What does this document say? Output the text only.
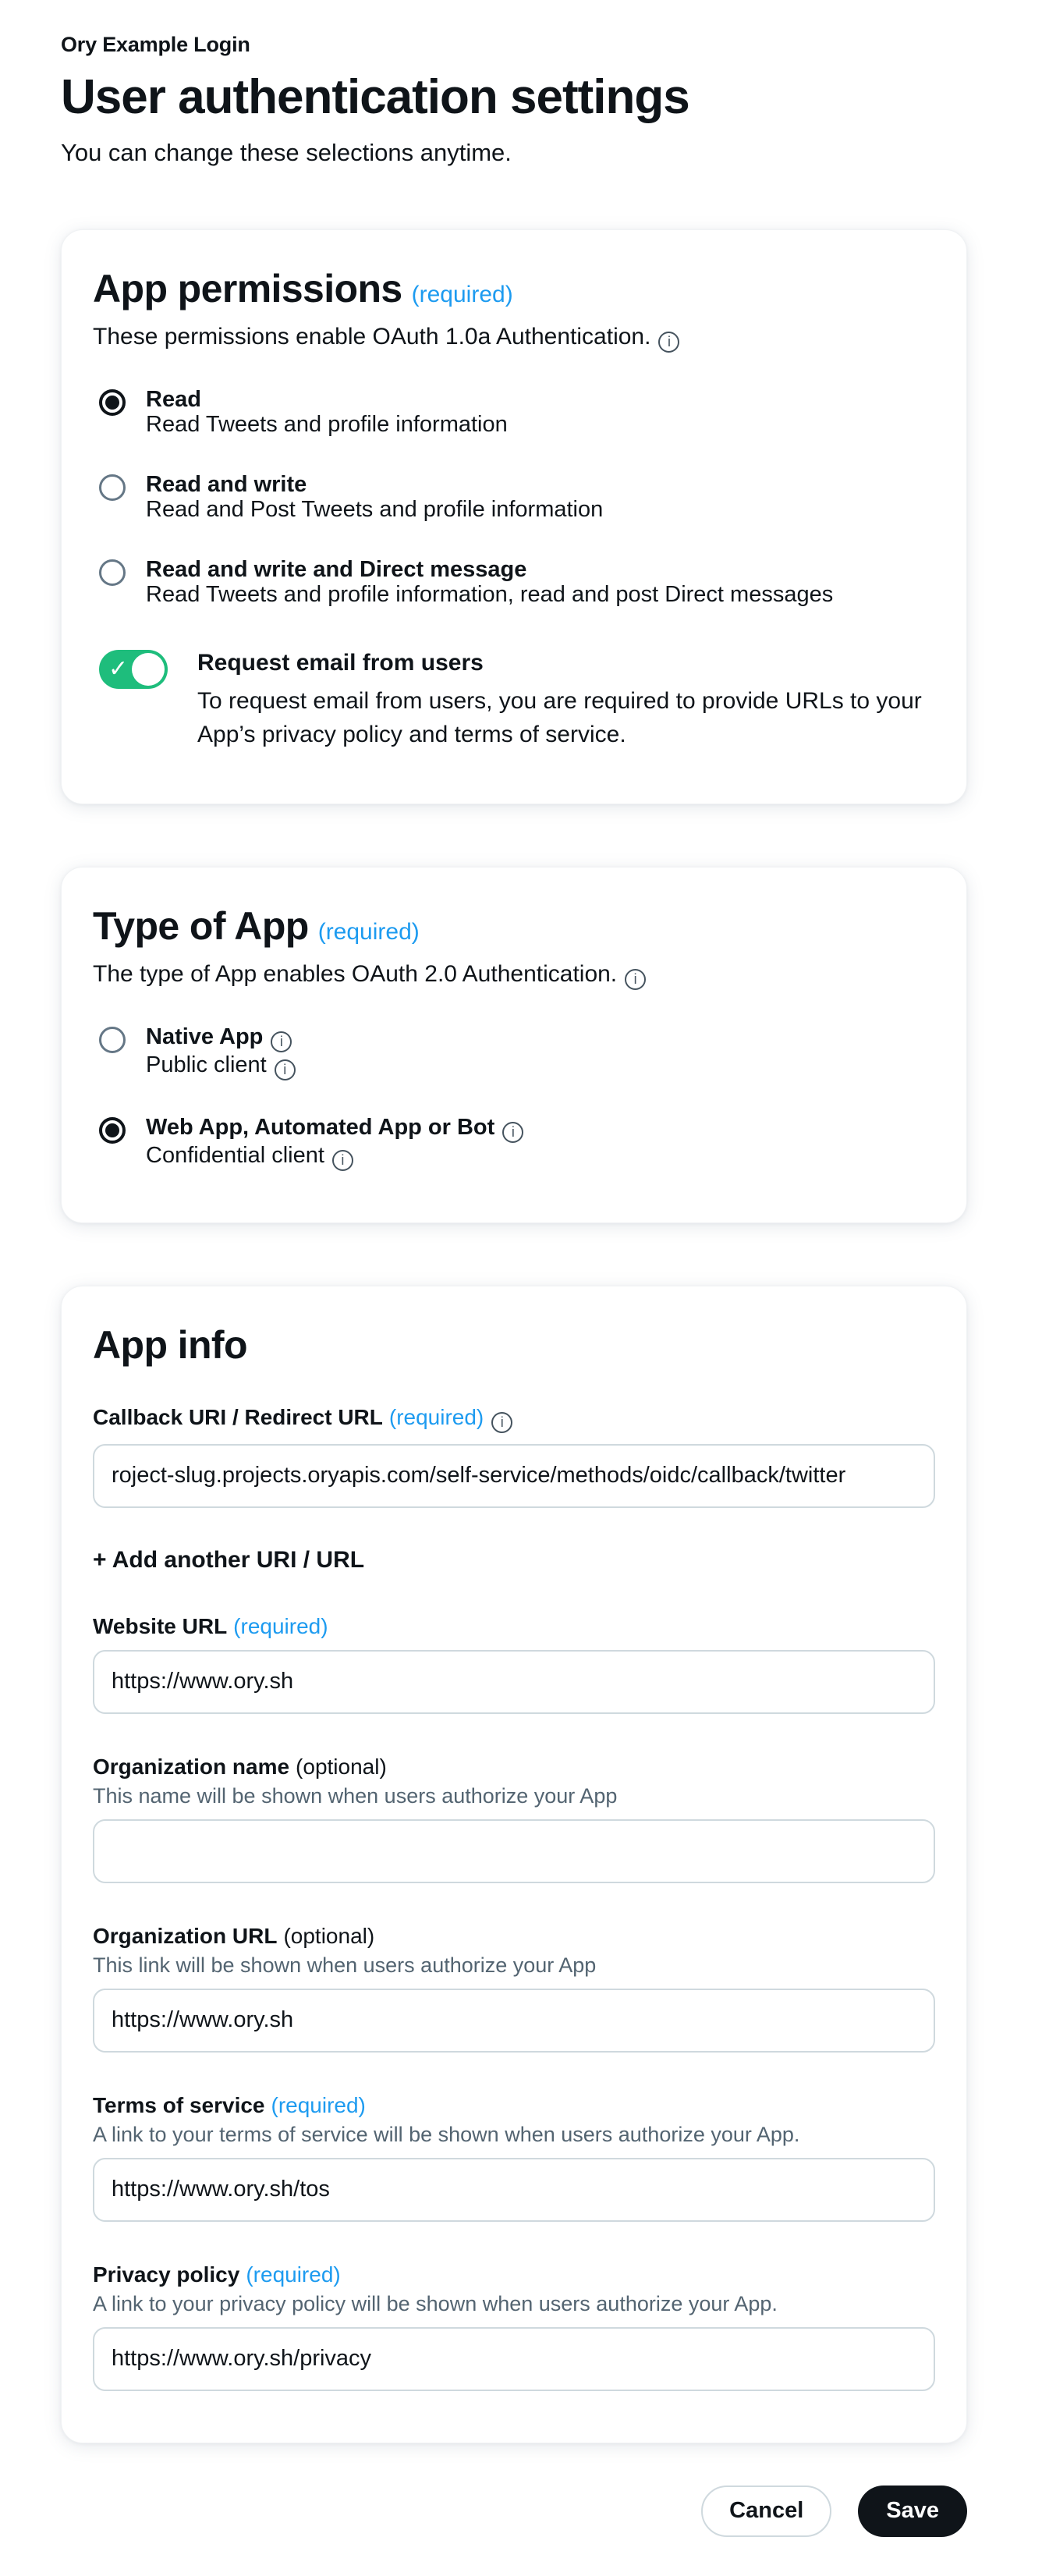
Ory Example Login
User authentication settings

You can change these selections anytime.

App permissions (required)

These permissions enable OAuth 1.0a Authentication. i

Read
Read Tweets and profile information
Read and write
Read and Post Tweets and profile information
Read and write and Direct message
Read Tweets and profile information, read and post Direct messages
✓	Request email from users
To request email from users, you are required to provide URLs to your App’s privacy policy and terms of service.
Type of App (required)

The type of App enables OAuth 2.0 Authentication. i

Native App i
Public client i
Web App, Automated App or Bot i
Confidential client i
App info
Callback URI / Redirect URL (required) i
roject-slug.projects.oryapis.com/self-service/methods/oidc/callback/twitter
+ Add another URI / URL
Website URL (required)
https://www.ory.sh
Organization name (optional)
This name will be shown when users authorize your App
Organization URL (optional)
This link will be shown when users authorize your App
https://www.ory.sh
Terms of service (required)
A link to your terms of service will be shown when users authorize your App.
https://www.ory.sh/tos
Privacy policy (required)
A link to your privacy policy will be shown when users authorize your App.
https://www.ory.sh/privacy
Cancel	Save
